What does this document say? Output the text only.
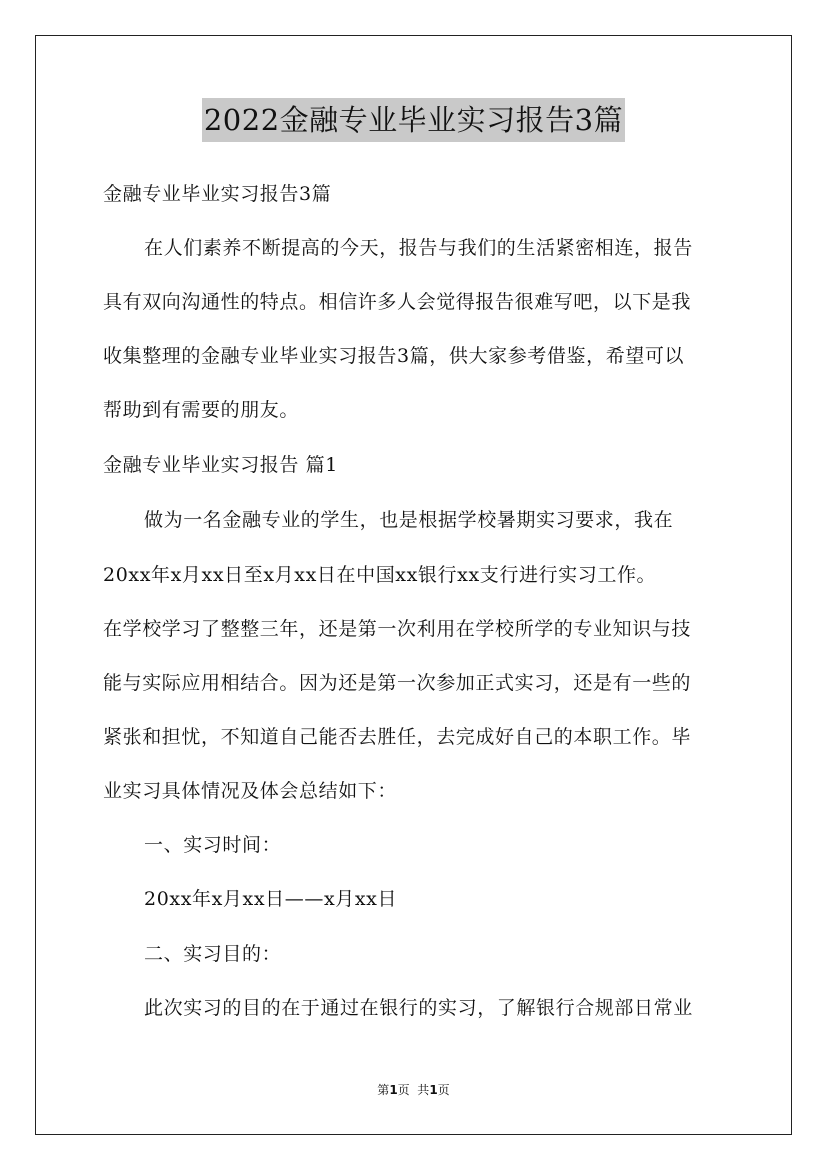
2022金融专业毕业实习报告3篇
金融专业毕业实习报告3篇
在人们素养不断提高的今天，报告与我们的生活紧密相连，报告
具有双向沟通性的特点。相信许多人会觉得报告很难写吧，以下是我
收集整理的金融专业毕业实习报告3篇，供大家参考借鉴，希望可以
帮助到有需要的朋友。
金融专业毕业实习报告 篇1
做为一名金融专业的学生，也是根据学校暑期实习要求，我在
20xx年x月xx日至x月xx日在中国xx银行xx支行进行实习工作。
在学校学习了整整三年，还是第一次利用在学校所学的专业知识与技
能与实际应用相结合。因为还是第一次参加正式实习，还是有一些的
紧张和担忧，不知道自己能否去胜任，去完成好自己的本职工作。毕
业实习具体情况及体会总结如下：
一、实习时间：
20xx年x月xx日——x月xx日
二、实习目的：
此次实习的目的在于通过在银行的实习，了解银行合规部日常业
第1页  共1页
